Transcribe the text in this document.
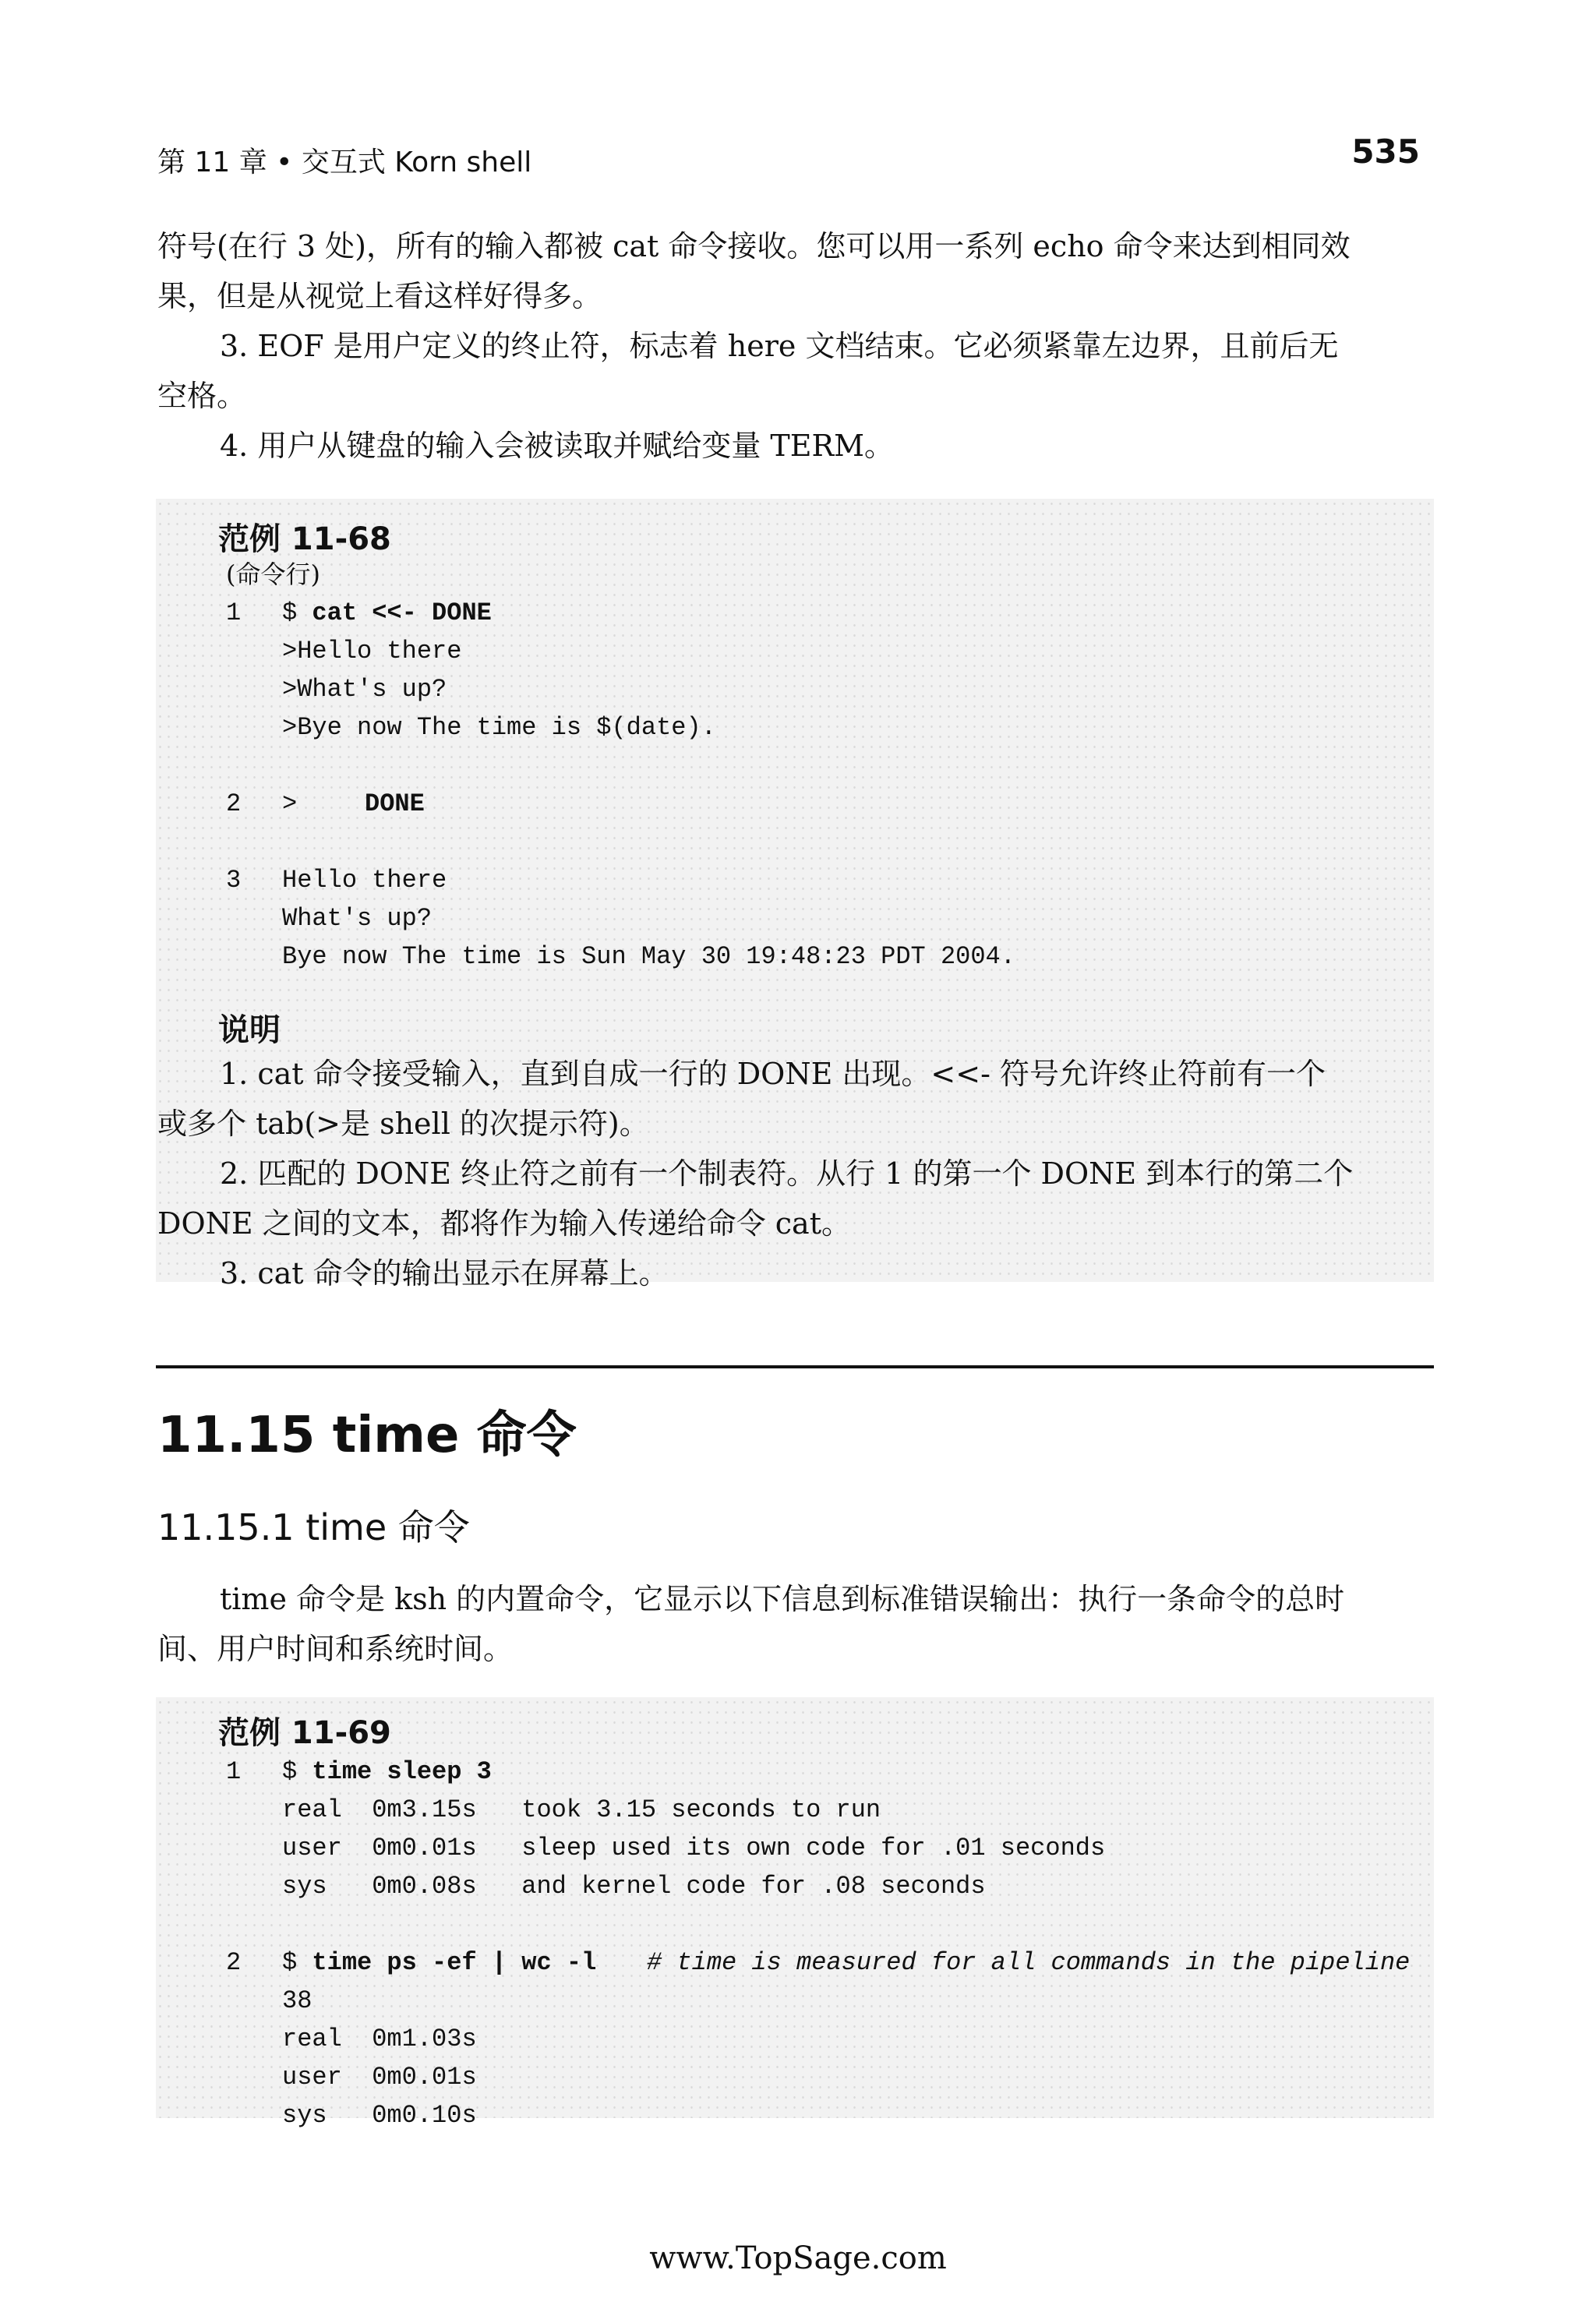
第 11 章 • 交互式 Korn shell	535
符号(在行 3 处)，所有的输入都被 cat 命令接收。您可以用一系列 echo 命令来达到相同效
果，但是从视觉上看这样好得多。
3. EOF 是用户定义的终止符，标志着 here 文档结束。它必须紧靠左边界，且前后无
空格。
4. 用户从键盘的输入会被读取并赋给变量 TERM。
范例 11-68
(命令行)
1 $ cat <<- DONE
>Hello there
>What's up?
>Bye now The time is $(date).
2 >	DONE
3 Hello there
What's up?
Bye now The time is Sun May 30 19:48:23 PDT 2004.
说明
1. cat 命令接受输入，直到自成一行的 DONE 出现。<<- 符号允许终止符前有一个
或多个 tab(>是 shell 的次提示符)。
2. 匹配的 DONE 终止符之前有一个制表符。从行 1 的第一个 DONE 到本行的第二个
DONE 之间的文本，都将作为输入传递给命令 cat。
3. cat 命令的输出显示在屏幕上。
11.15 time 命令
11.15.1 time 命令
time 命令是 ksh 的内置命令，它显示以下信息到标准错误输出：执行一条命令的总时
间、用户时间和系统时间。
范例 11-69
1 $ time sleep 3
real  0m3.15s   took 3.15 seconds to run
user  0m0.01s   sleep used its own code for .01 seconds
sys   0m0.08s   and kernel code for .08 seconds
2 $ time ps -ef | wc -l # time is measured for all commands in the pipeline
38
real  0m1.03s
user  0m0.01s
sys   0m0.10s
www.TopSage.com
